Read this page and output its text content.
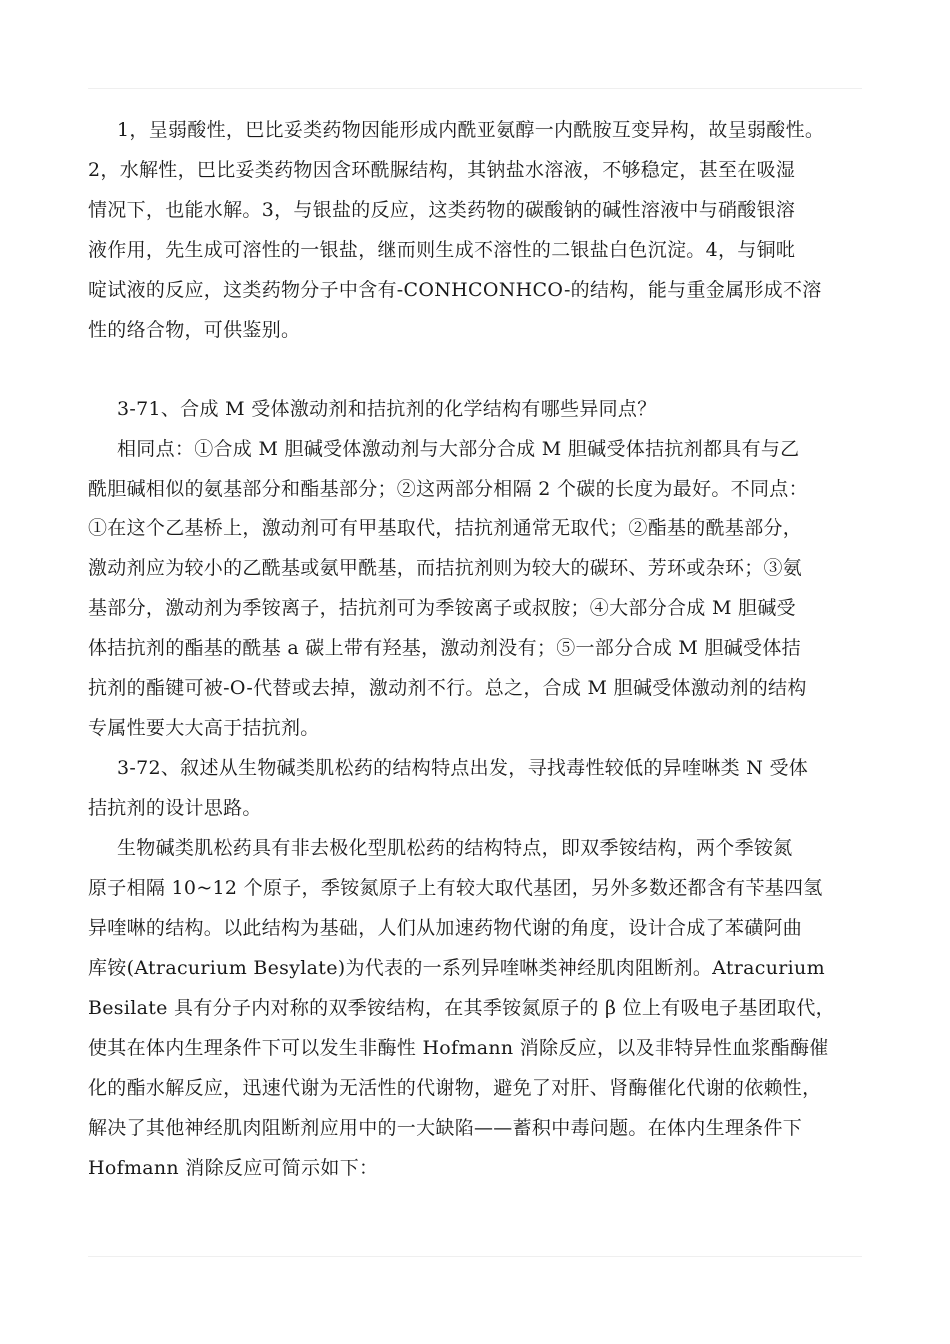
1，呈弱酸性，巴比妥类药物因能形成内酰亚氨醇一内酰胺互变异构，故呈弱酸性。
2，水解性，巴比妥类药物因含环酰脲结构，其钠盐水溶液，不够稳定，甚至在吸湿
情况下，也能水解。3，与银盐的反应，这类药物的碳酸钠的碱性溶液中与硝酸银溶
液作用，先生成可溶性的一银盐，继而则生成不溶性的二银盐白色沉淀。4，与铜吡
啶试液的反应，这类药物分子中含有-CONHCONHCO-的结构，能与重金属形成不溶
性的络合物，可供鉴别。
3-71、合成 M 受体激动剂和拮抗剂的化学结构有哪些异同点？
相同点：①合成 M 胆碱受体激动剂与大部分合成 M 胆碱受体拮抗剂都具有与乙
酰胆碱相似的氨基部分和酯基部分；②这两部分相隔 2 个碳的长度为最好。不同点：
①在这个乙基桥上，激动剂可有甲基取代，拮抗剂通常无取代；②酯基的酰基部分，
激动剂应为较小的乙酰基或氨甲酰基，而拮抗剂则为较大的碳环、芳环或杂环；③氨
基部分，激动剂为季铵离子，拮抗剂可为季铵离子或叔胺；④大部分合成 M 胆碱受
体拮抗剂的酯基的酰基 a 碳上带有羟基，激动剂没有；⑤一部分合成 M 胆碱受体拮
抗剂的酯键可被-O-代替或去掉，激动剂不行。总之，合成 M 胆碱受体激动剂的结构
专属性要大大高于拮抗剂。
3-72、叙述从生物碱类肌松药的结构特点出发，寻找毒性较低的异喹啉类 N 受体
拮抗剂的设计思路。
生物碱类肌松药具有非去极化型肌松药的结构特点，即双季铵结构，两个季铵氮
原子相隔 10~12 个原子，季铵氮原子上有较大取代基团，另外多数还都含有苄基四氢
异喹啉的结构。以此结构为基础，人们从加速药物代谢的角度，设计合成了苯磺阿曲
库铵(Atracurium Besylate)为代表的一系列异喹啉类神经肌肉阻断剂。Atracurium
Besilate 具有分子内对称的双季铵结构，在其季铵氮原子的 β 位上有吸电子基团取代，
使其在体内生理条件下可以发生非酶性 Hofmann 消除反应，以及非特异性血浆酯酶催
化的酯水解反应，迅速代谢为无活性的代谢物，避免了对肝、肾酶催化代谢的依赖性，
解决了其他神经肌肉阻断剂应用中的一大缺陷——蓄积中毒问题。在体内生理条件下
Hofmann 消除反应可简示如下：
